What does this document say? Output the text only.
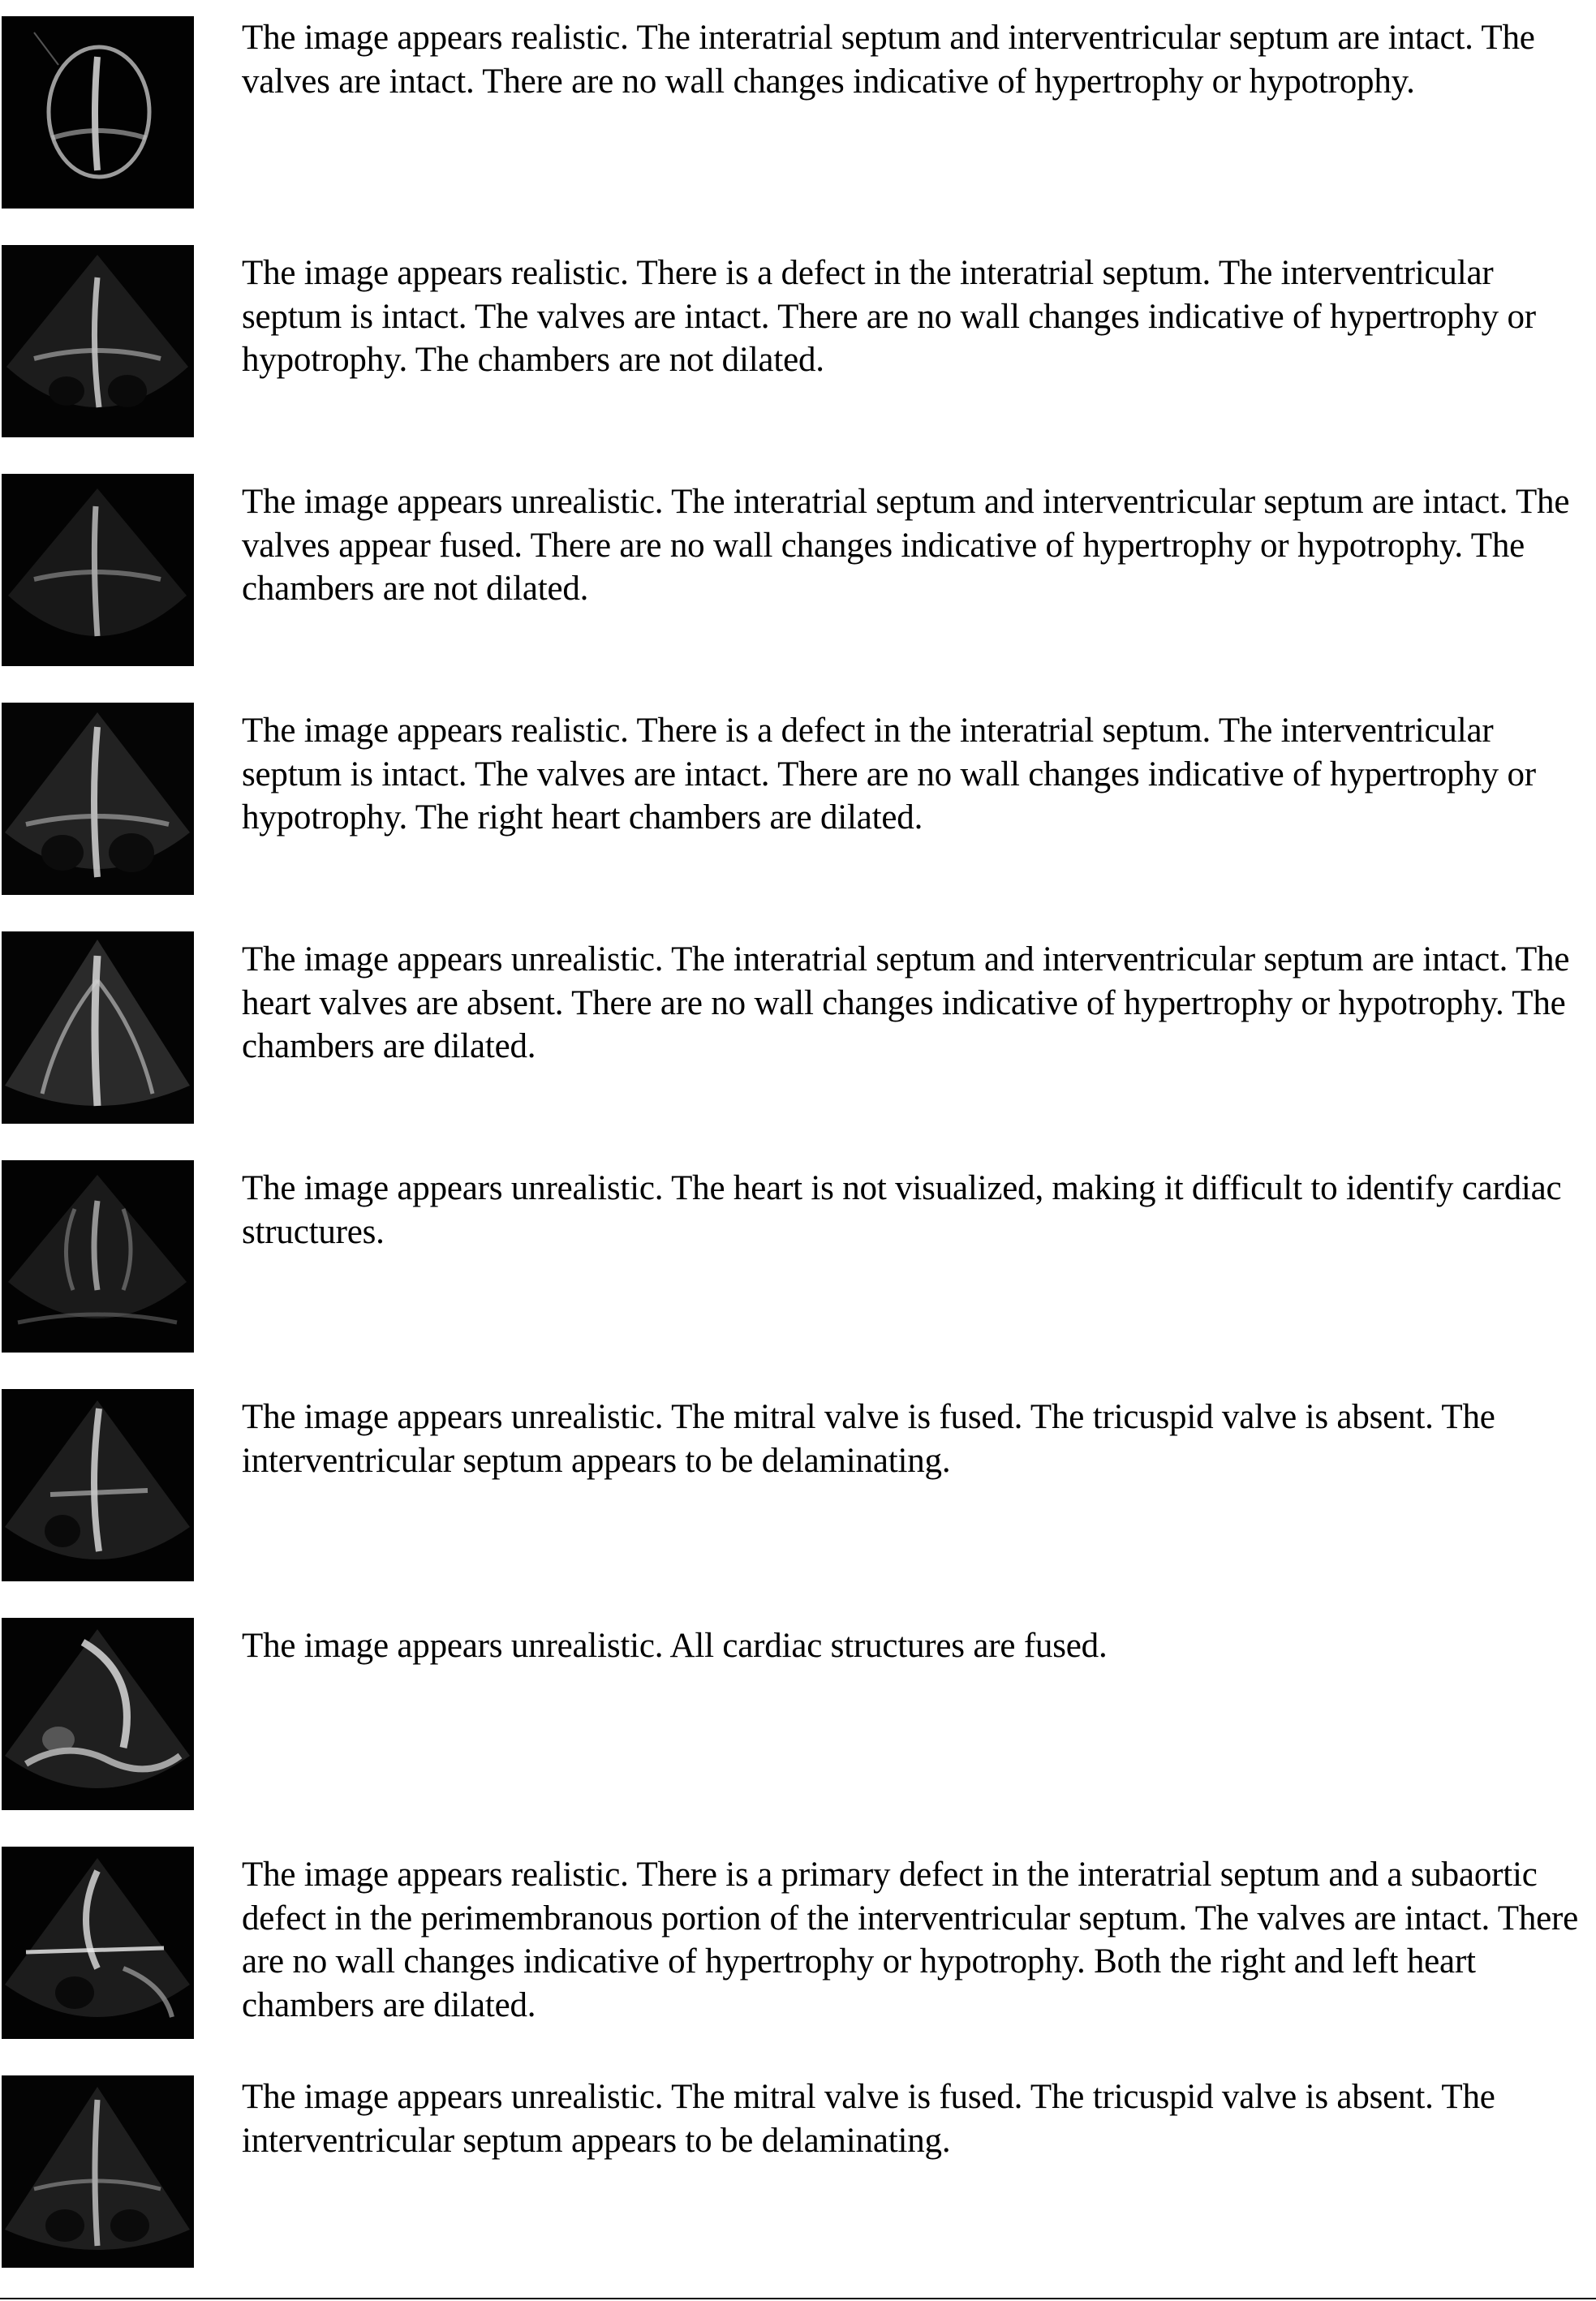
The image appears realistic. The interatrial septum and interventricular septum are intact. The valves are intact. There are no wall changes indicative of hypertrophy or hypotrophy.
The image appears realistic. There is a defect in the interatrial septum. The interventricular septum is intact. The valves are intact. There are no wall changes indicative of hypertrophy or hypotrophy. The chambers are not dilated.
The image appears unrealistic. The interatrial septum and interventricular septum are intact. The valves appear fused. There are no wall changes indicative of hypertrophy or hypotrophy. The chambers are not dilated.
The image appears realistic. There is a defect in the interatrial septum. The interventricular septum is intact. The valves are intact. There are no wall changes indicative of hypertrophy or hypotrophy. The right heart chambers are dilated.
The image appears unrealistic. The interatrial septum and interventricular septum are intact. The heart valves are absent. There are no wall changes indicative of hypertrophy or hypotrophy. The chambers are dilated.
The image appears unrealistic. The heart is not visualized, making it difficult to identify cardiac structures.
The image appears unrealistic. The mitral valve is fused. The tricuspid valve is absent. The interventricular septum appears to be delaminating.
The image appears unrealistic. All cardiac structures are fused.
The image appears realistic. There is a primary defect in the interatrial septum and a subaortic defect in the perimembranous portion of the interventricular septum. The valves are intact. There are no wall changes indicative of hypertrophy or hypotrophy. Both the right and left heart chambers are dilated.
The image appears unrealistic. The mitral valve is fused. The tricuspid valve is absent. The interventricular septum appears to be delaminating.
